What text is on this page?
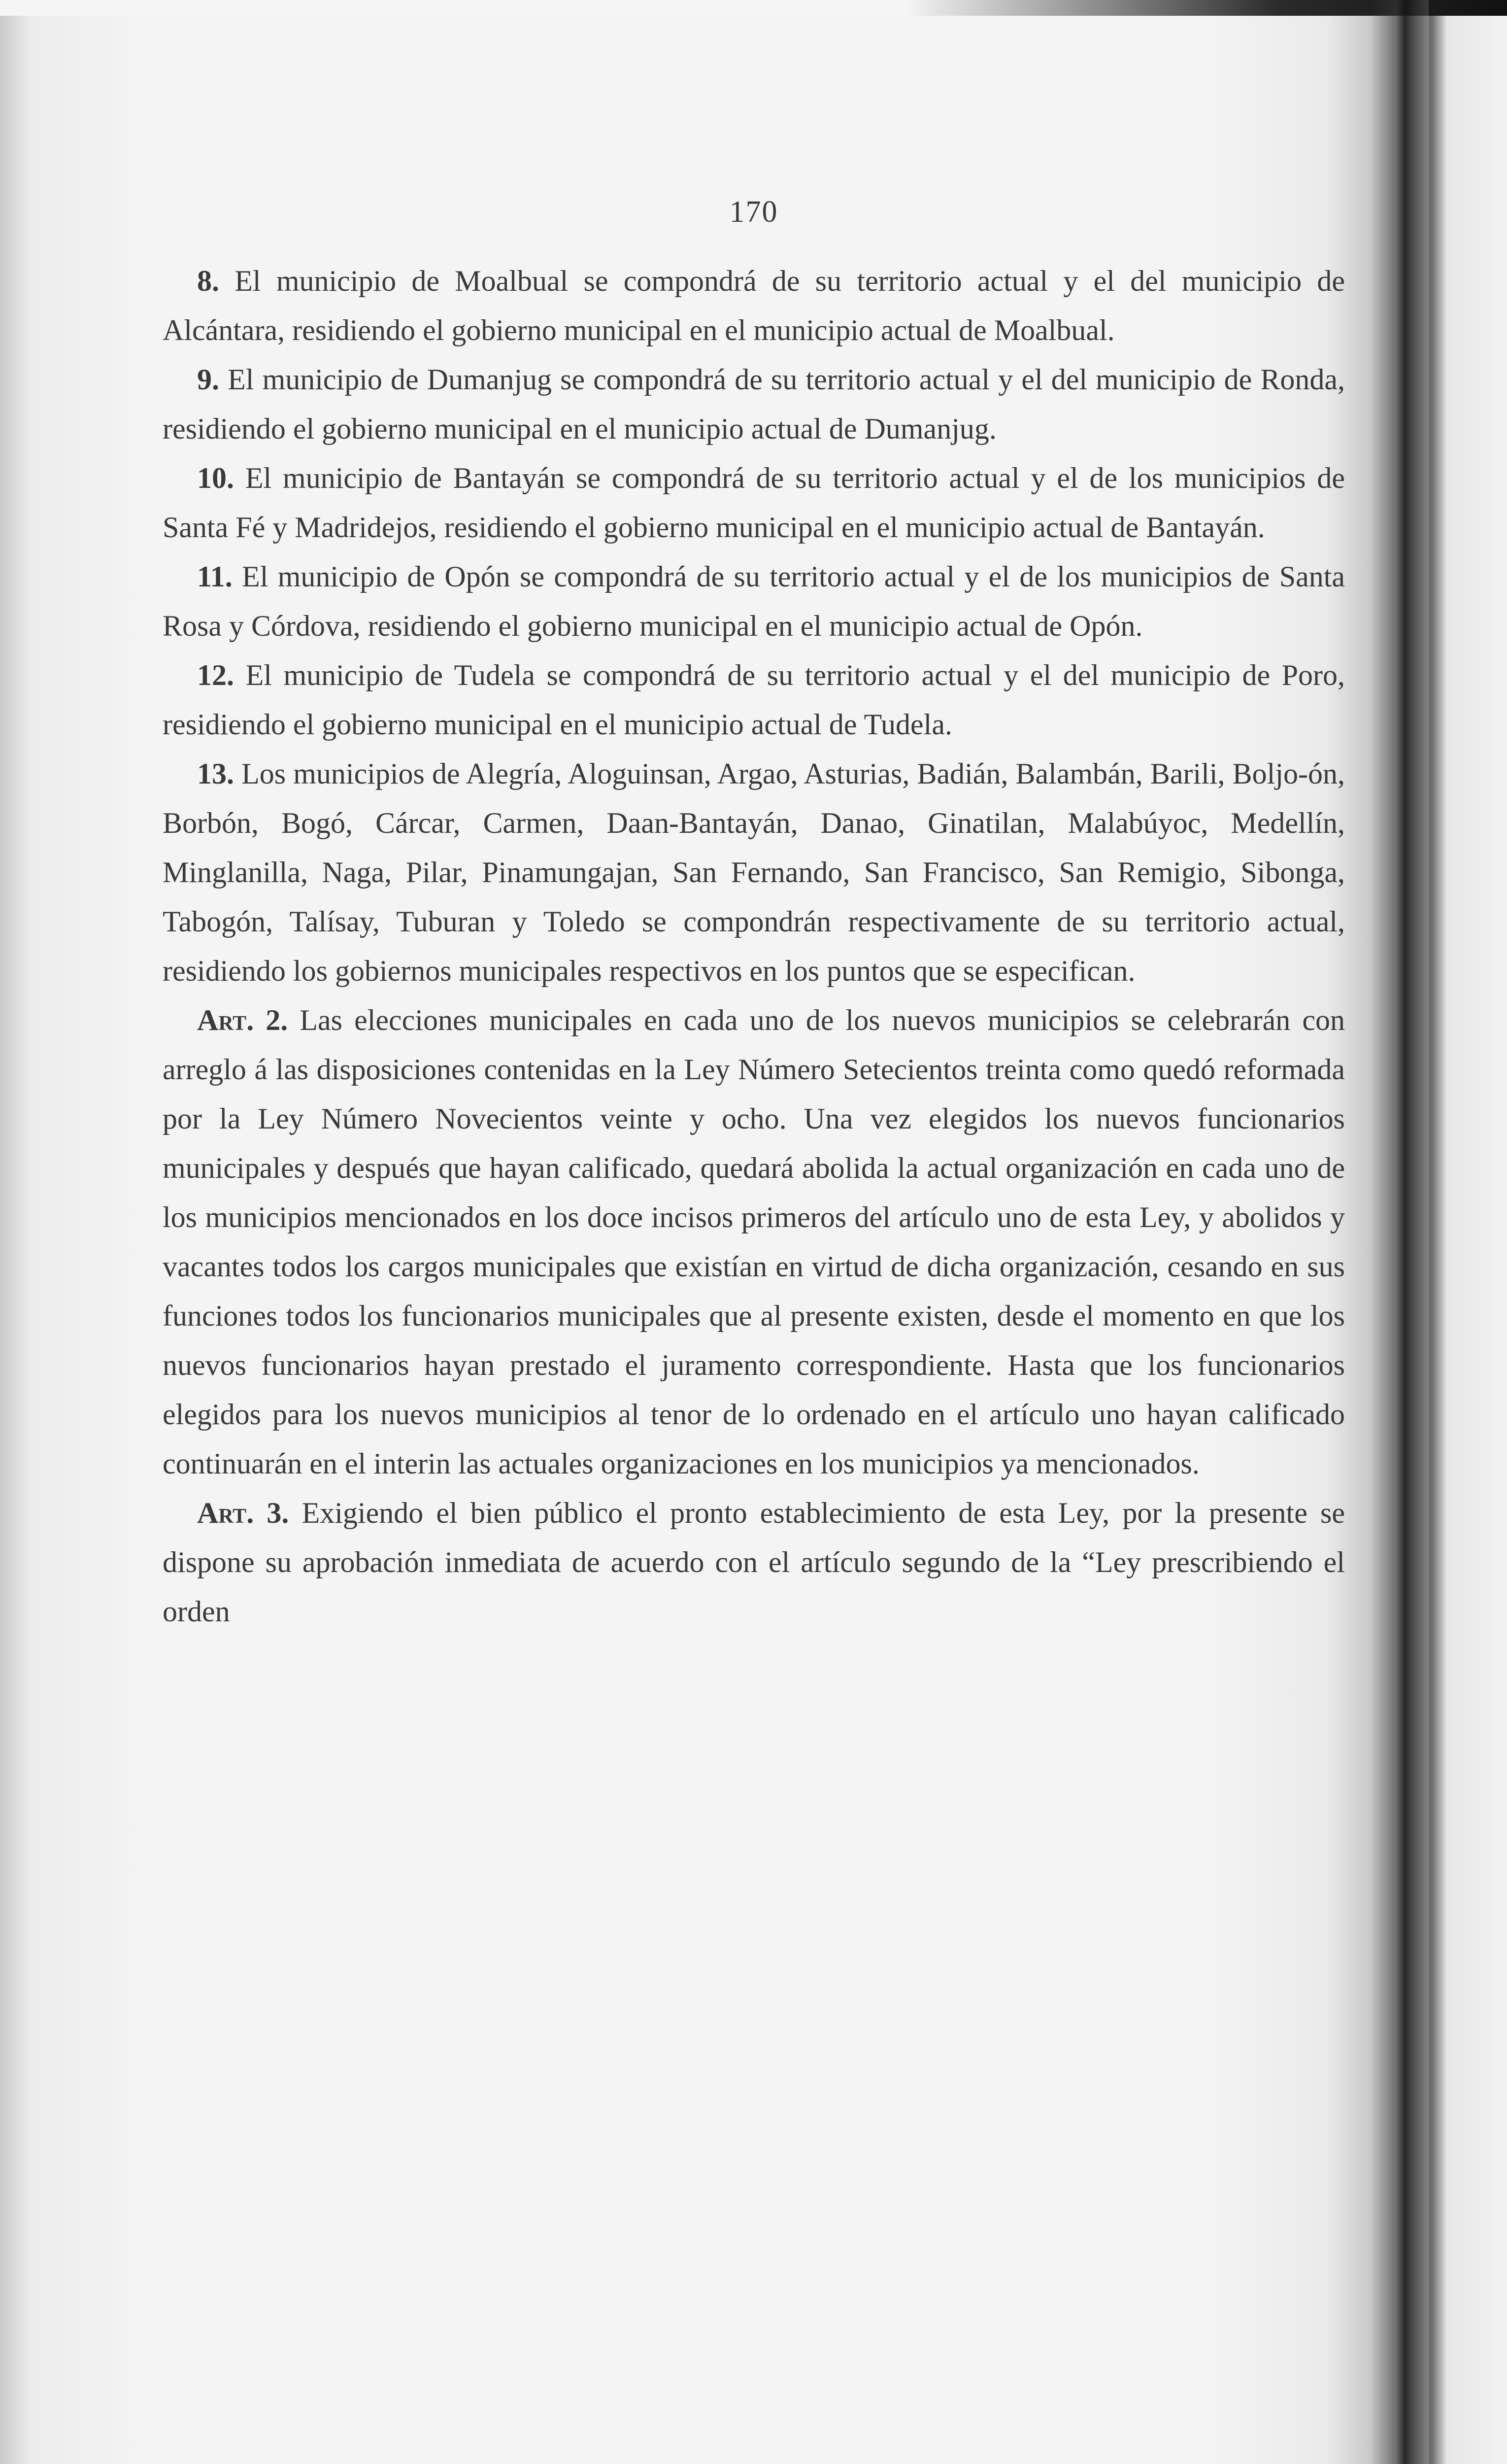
170

8. El municipio de Moalbual se compondrá de su territorio actual y el del municipio de Alcántara, residiendo el gobierno municipal en el municipio actual de Moalbual.

9. El municipio de Dumanjug se compondrá de su territorio actual y el del municipio de Ronda, residiendo el gobierno municipal en el municipio actual de Dumanjug.

10. El municipio de Bantayán se compondrá de su territorio actual y el de los municipios de Santa Fé y Madridejos, residiendo el gobierno municipal en el municipio actual de Bantayán.

11. El municipio de Opón se compondrá de su territorio actual y el de los municipios de Santa Rosa y Córdova, residiendo el gobierno municipal en el municipio actual de Opón.

12. El municipio de Tudela se compondrá de su territorio actual y el del municipio de Poro, residiendo el gobierno municipal en el municipio actual de Tudela.

13. Los municipios de Alegría, Aloguinsan, Argao, Asturias, Badián, Balambán, Barili, Boljo-ón, Borbón, Bogó, Cárcar, Carmen, Daan-Bantayán, Danao, Ginatilan, Malabúyoc, Medellín, Minglanilla, Naga, Pilar, Pinamungajan, San Fernando, San Francisco, San Remigio, Sibonga, Tabogón, Talísay, Tuburan y Toledo se compondrán respectivamente de su territorio actual, residiendo los gobiernos municipales respectivos en los puntos que se especifican.

Art. 2. Las elecciones municipales en cada uno de los nuevos municipios se celebrarán con arreglo á las disposiciones contenidas en la Ley Número Setecientos treinta como quedó reformada por la Ley Número Novecientos veinte y ocho. Una vez elegidos los nuevos funcionarios municipales y después que hayan calificado, quedará abolida la actual organización en cada uno de los municipios mencionados en los doce incisos primeros del artículo uno de esta Ley, y abolidos y vacantes todos los cargos municipales que existían en virtud de dicha organización, cesando en sus funciones todos los funcionarios municipales que al presente existen, desde el momento en que los nuevos funcionarios hayan prestado el juramento correspondiente. Hasta que los funcionarios elegidos para los nuevos municipios al tenor de lo ordenado en el artículo uno hayan calificado continuarán en el interin las actuales organizaciones en los municipios ya mencionados.

Art. 3. Exigiendo el bien público el pronto establecimiento de esta Ley, por la presente se dispone su aprobación inmediata de acuerdo con el artículo segundo de la “Ley prescribiendo el orden
